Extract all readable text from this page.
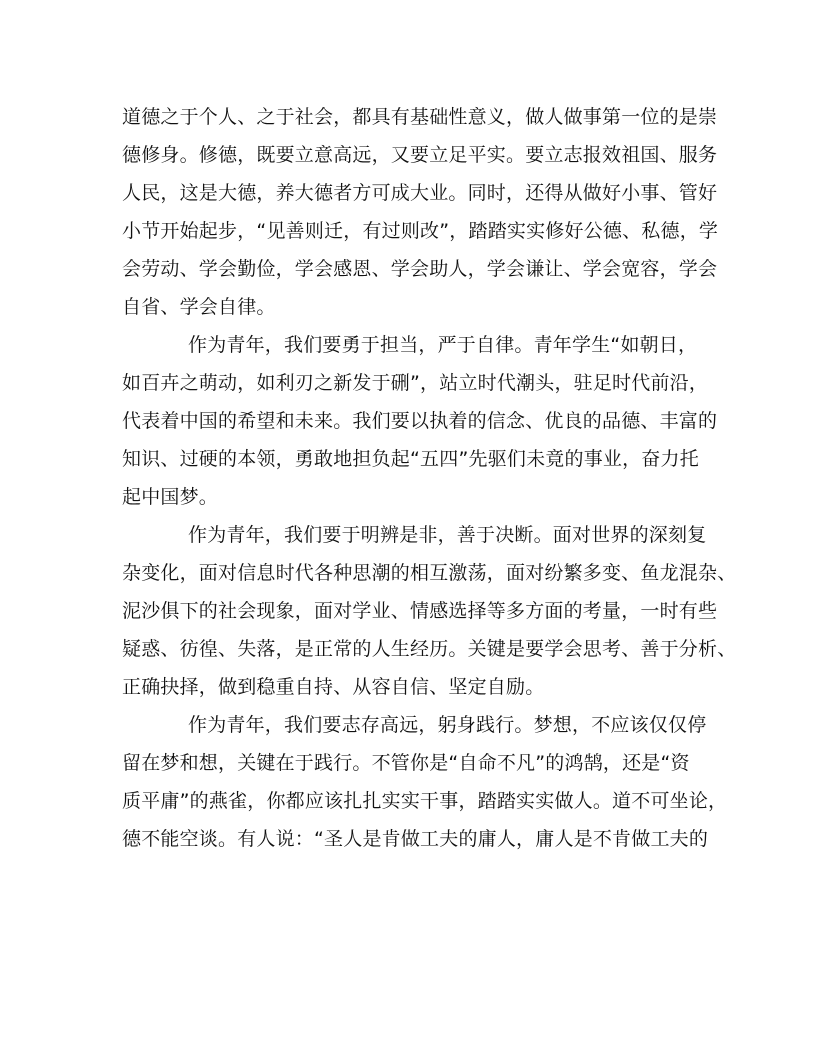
道德之于个人、之于社会，都具有基础性意义，做人做事第一位的是崇
德修身。修德，既要立意高远，又要立足平实。要立志报效祖国、服务
人民，这是大德，养大德者方可成大业。同时，还得从做好小事、管好
小节开始起步，“见善则迁，有过则改”，踏踏实实修好公德、私德，学
会劳动、学会勤俭，学会感恩、学会助人，学会谦让、学会宽容，学会
自省、学会自律。
作为青年，我们要勇于担当，严于自律。青年学生“如朝日，
如百卉之萌动，如利刃之新发于硎”，站立时代潮头，驻足时代前沿，
代表着中国的希望和未来。我们要以执着的信念、优良的品德、丰富的
知识、过硬的本领，勇敢地担负起“五四”先驱们未竟的事业，奋力托
起中国梦。
作为青年，我们要于明辨是非，善于决断。面对世界的深刻复
杂变化，面对信息时代各种思潮的相互激荡，面对纷繁多变、鱼龙混杂、
泥沙俱下的社会现象，面对学业、情感选择等多方面的考量，一时有些
疑惑、彷徨、失落，是正常的人生经历。关键是要学会思考、善于分析、
正确抉择，做到稳重自持、从容自信、坚定自励。
作为青年，我们要志存高远，躬身践行。梦想，不应该仅仅停
留在梦和想，关键在于践行。不管你是“自命不凡”的鸿鹄，还是“资
质平庸”的燕雀，你都应该扎扎实实干事，踏踏实实做人。道不可坐论，
德不能空谈。有人说：“圣人是肯做工夫的庸人，庸人是不肯做工夫的
